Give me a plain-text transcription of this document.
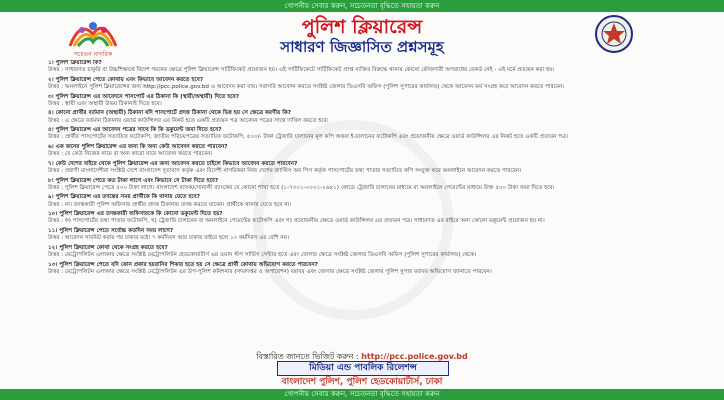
গোপনীয় সেবার করুন, সচেতনতা বৃদ্ধিতে সহায়তা করুন
সচেতন নাগরিক
পুলিশ ক্লিয়ারেন্স
সাধারণ জিজ্ঞাসিত প্রশ্নসমূহ
১। পুলিশ ক্লিয়ারেন্স কি?
উত্তর : সাধারণত চাকুরি বা উচ্চশিক্ষার্থে বিদেশ গমনের ক্ষেত্রে পুলিশ ক্লিয়ারেন্স সার্টিফিকেট প্রয়োজন হয়। এই সার্টিফিকেটে সার্টিফিকেট প্রাপ্ত ব্যক্তির বিরুদ্ধে থানায় কোনো ফৌজদারী অপরাধের রেকর্ড নেই - এই মর্মে প্রত্যয়ন করা হয়।
২। পুলিশ ক্লিয়ারেন্স পেতে কোথায় এবং কিভাবে আবেদন করতে হবে?
উত্তর : অনলাইনে পুলিশ ক্লিয়ারেন্সের জন্য http://pcc.police.gov.bd এ আবেদন করা যায়। সরাসরি আবেদন করতে সংশ্লিষ্ট জেলার ডিএসবি অফিস (পুলিশ সুপারের কার্যালয়) থেকে আবেদন ফর্ম সংগ্রহ করে আবেদন করতে পারবেন।
৩। পুলিশ ক্লিয়ারেন্স এর আবেদনে পাসপোর্ট এর ঠিকানা কি (স্থায়ী/অস্থায়ী) দিতে হবে?
উত্তর : স্থায়ী এবং অস্থায়ী উভয় ঠিকানাই দিতে হবে।
৪। কোনো প্রার্থীর বর্তমান (অস্থায়ী) ঠিকানা যদি পাসপোর্টে প্রদত্ত ঠিকানা থেকে ভিন্ন হয় সে ক্ষেত্রে করণীয় কি?
উত্তর : এ ক্ষেত্রে বর্তমান ঠিকানার ওয়ার্ড কাউন্সিলর এর নিকট হতে একটি প্রত্যয়ন পত্র আবেদন পত্রের সাথে দাখিল করতে হবে।
৫। পুলিশ ক্লিয়ারেন্স এর আবেদন পত্রের সাথে কি কি ডকুমেন্ট জমা দিতে হবে?
উত্তর : প্রার্থীর পাসপোর্টের সত্যায়িত ফটোকপি, জাতীয় পরিচয়পত্রের সত্যায়িত ফটোকপি, ৫০০/- টাকা ট্রেজারি চালানের মূল কপি অথবা ই-চালানের ফটোকপি এবং প্রয়োজনীয় ক্ষেত্রে ওয়ার্ড কাউন্সিলর এর নিকট হতে একটি প্রত্যয়ন পত্র।
৬। এক জনের পুলিশ ক্লিয়ারেন্স এর জন্য কি অন্য কেউ আবেদন করতে পারবেন?
উত্তর : যে কেউ নিজের নামে বা অন্য কারো নামে আবেদন করতে পারবেন।
৭। কেউ দেশের বাইরে থেকে পুলিশ ক্লিয়ারেন্স এর জন্য আবেদন করতে চাইলে কিভাবে আবেদন করতে পারবেন?
উত্তর : প্রবাসী বাংলাদেশীরা সংশ্লিষ্ট দেশে বাংলাদেশ দূতাবাস কর্তৃক এবং বিদেশী নাগরিকরা নিজ দেশের জাস্টিস অব পিস কর্তৃক পাসপোর্টের তথ্য পাতার সত্যায়িত কপি সংযুক্ত করে অনলাইনে আবেদন করতে পারবেন।
৮। পুলিশ ক্লিয়ারেন্স পেতে কত টাকা লাগে এবং কিভাবে সে টাকা দিতে হবে?
উত্তর : পুলিশ ক্লিয়ারেন্স পেতে ৫০০ টাকা লাগে। বাংলাদেশ ব্যাংক/সোনালী ব্যাংকের যে কোনো শাখা হতে (১-৭৩০১-০০০১-২৬৮১) কোডে ট্রেজারি চালানের মাধ্যমে বা অনলাইনে পেমেন্টের মাধ্যমে উক্ত ৫০০ টাকা জমা দিতে হবে।
৯। পুলিশ ক্লিয়ারেন্স এর তদন্তের সময় প্রার্থীকে কি থানায় যেতে হবে?
উত্তর : না। তদন্তকারী পুলিশ অফিসার প্রার্থীর প্রদত্ত ঠিকানায় তদন্ত করতে যাবেন। প্রার্থীকে থানায় যেতে হবে না।
১০। পুলিশ ক্লিয়ারেন্স এর তদন্তকারী অফিসারকে কি কোনো ডকুমেন্ট দিতে হয়?
উত্তর : ক) পাসপোর্টের তথ্য পাতার ফটোকপি, খ) ট্রেজারি চালানের বা অনলাইনে পেমেন্টের ফটোকপি এবং গ) প্রয়োজনীয় ক্ষেত্রে ওয়ার্ড কাউন্সিলর এর প্রত্যয়ন পত্র। সাধারণত এর বাইরে অন্য কোনো ডকুমেন্ট প্রয়োজন হয় না।
১১। পুলিশ ক্লিয়ারেন্স পেতে সর্বোচ্চ কতদিন সময় লাগে?
উত্তর : আবেদন সাবমিট করার পর ঢাকার মধ্যে ৭ কর্মদিবস আর ঢাকার বাইরে হলে ১০ কর্মদিবস এর বেশি নয়।
১২। পুলিশ ক্লিয়ারেন্স কোথা থেকে সংগ্রহ করতে হবে?
উত্তর : মেট্রোপলিটন এলাকার ক্ষেত্রে সংশ্লিষ্ট মেট্রোপলিটন হেডকোয়ার্টার্স এর ওয়ান স্টপ সার্ভিস সেন্টার হতে এবং জেলার ক্ষেত্রে সংশ্লিষ্ট জেলার ডিএসবি অফিস (পুলিশ সুপারের কার্যালয়) থেকে।
১৩। পুলিশ ক্লিয়ারেন্স পেতে যদি কোন প্রকার হয়রানির শিকার হতে হয় সে ক্ষেত্রে প্রার্থী কোথায় অভিযোগ করতে পারবেন?
উত্তর : মেট্রোপলিটন এলাকার ক্ষেত্রে সংশ্লিষ্ট মেট্রোপলিটন এর উপ-পুলিশ কমিশনার (সদরদপ্তর ও অপারেশন) বরাবর এবং জেলার ক্ষেত্রে সংশ্লিষ্ট জেলার পুলিশ সুপার বরাবর অভিযোগ জানাতে পারবেন।
বিস্তারিত জানতে ভিজিট করুন : http://pcc.police.gov.bd
মিডিয়া এন্ড পাবলিক রিলেশন্স
বাংলাদেশ পুলিশ, পুলিশ হেডকোয়ার্টার্স, ঢাকা
গোপনীয় সেবার করুন, সচেতনতা বৃদ্ধিতে সহায়তা করুন
